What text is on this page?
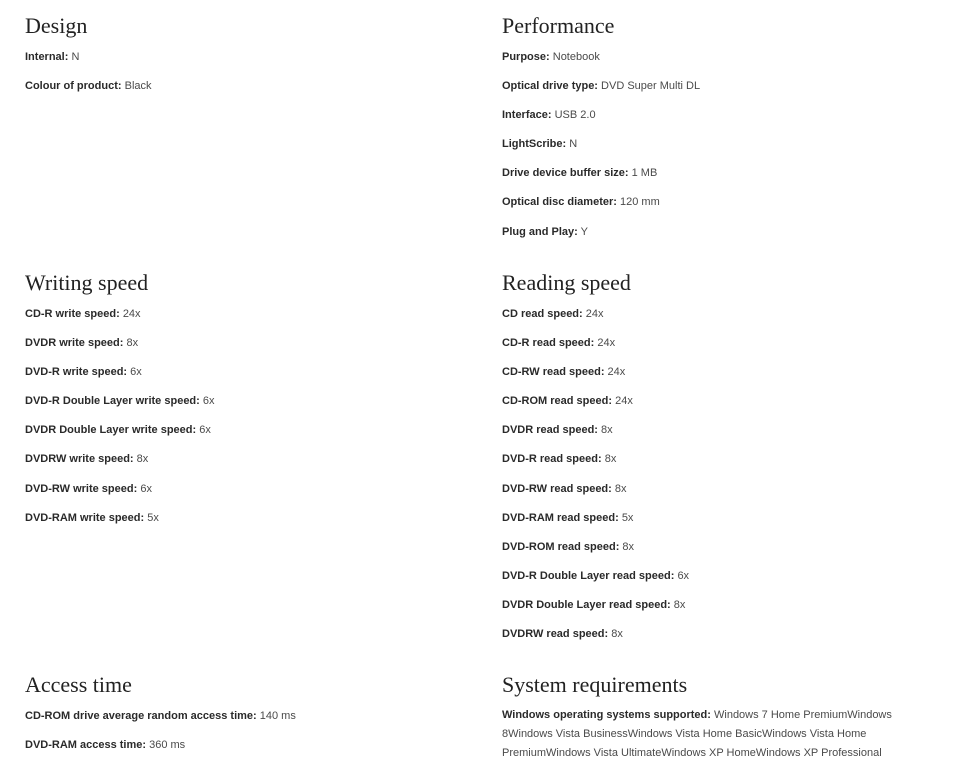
Design
Internal: N
Colour of product: Black
Performance
Purpose: Notebook
Optical drive type: DVD Super Multi DL
Interface: USB 2.0
LightScribe: N
Drive device buffer size: 1 MB
Optical disc diameter: 120 mm
Plug and Play: Y
Writing speed
CD-R write speed: 24x
DVDR write speed: 8x
DVD-R write speed: 6x
DVD-R Double Layer write speed: 6x
DVDR Double Layer write speed: 6x
DVDRW write speed: 8x
DVD-RW write speed: 6x
DVD-RAM write speed: 5x
Reading speed
CD read speed: 24x
CD-R read speed: 24x
CD-RW read speed: 24x
CD-ROM read speed: 24x
DVDR read speed: 8x
DVD-R read speed: 8x
DVD-RW read speed: 8x
DVD-RAM read speed: 5x
DVD-ROM read speed: 8x
DVD-R Double Layer read speed: 6x
DVDR Double Layer read speed: 8x
DVDRW read speed: 8x
Access time
CD-ROM drive average random access time: 140 ms
DVD-RAM access time: 360 ms
System requirements
Windows operating systems supported: Windows 7 Home PremiumWindows 8Windows Vista BusinessWindows Vista Home BasicWindows Vista Home PremiumWindows Vista UltimateWindows XP HomeWindows XP Professional
